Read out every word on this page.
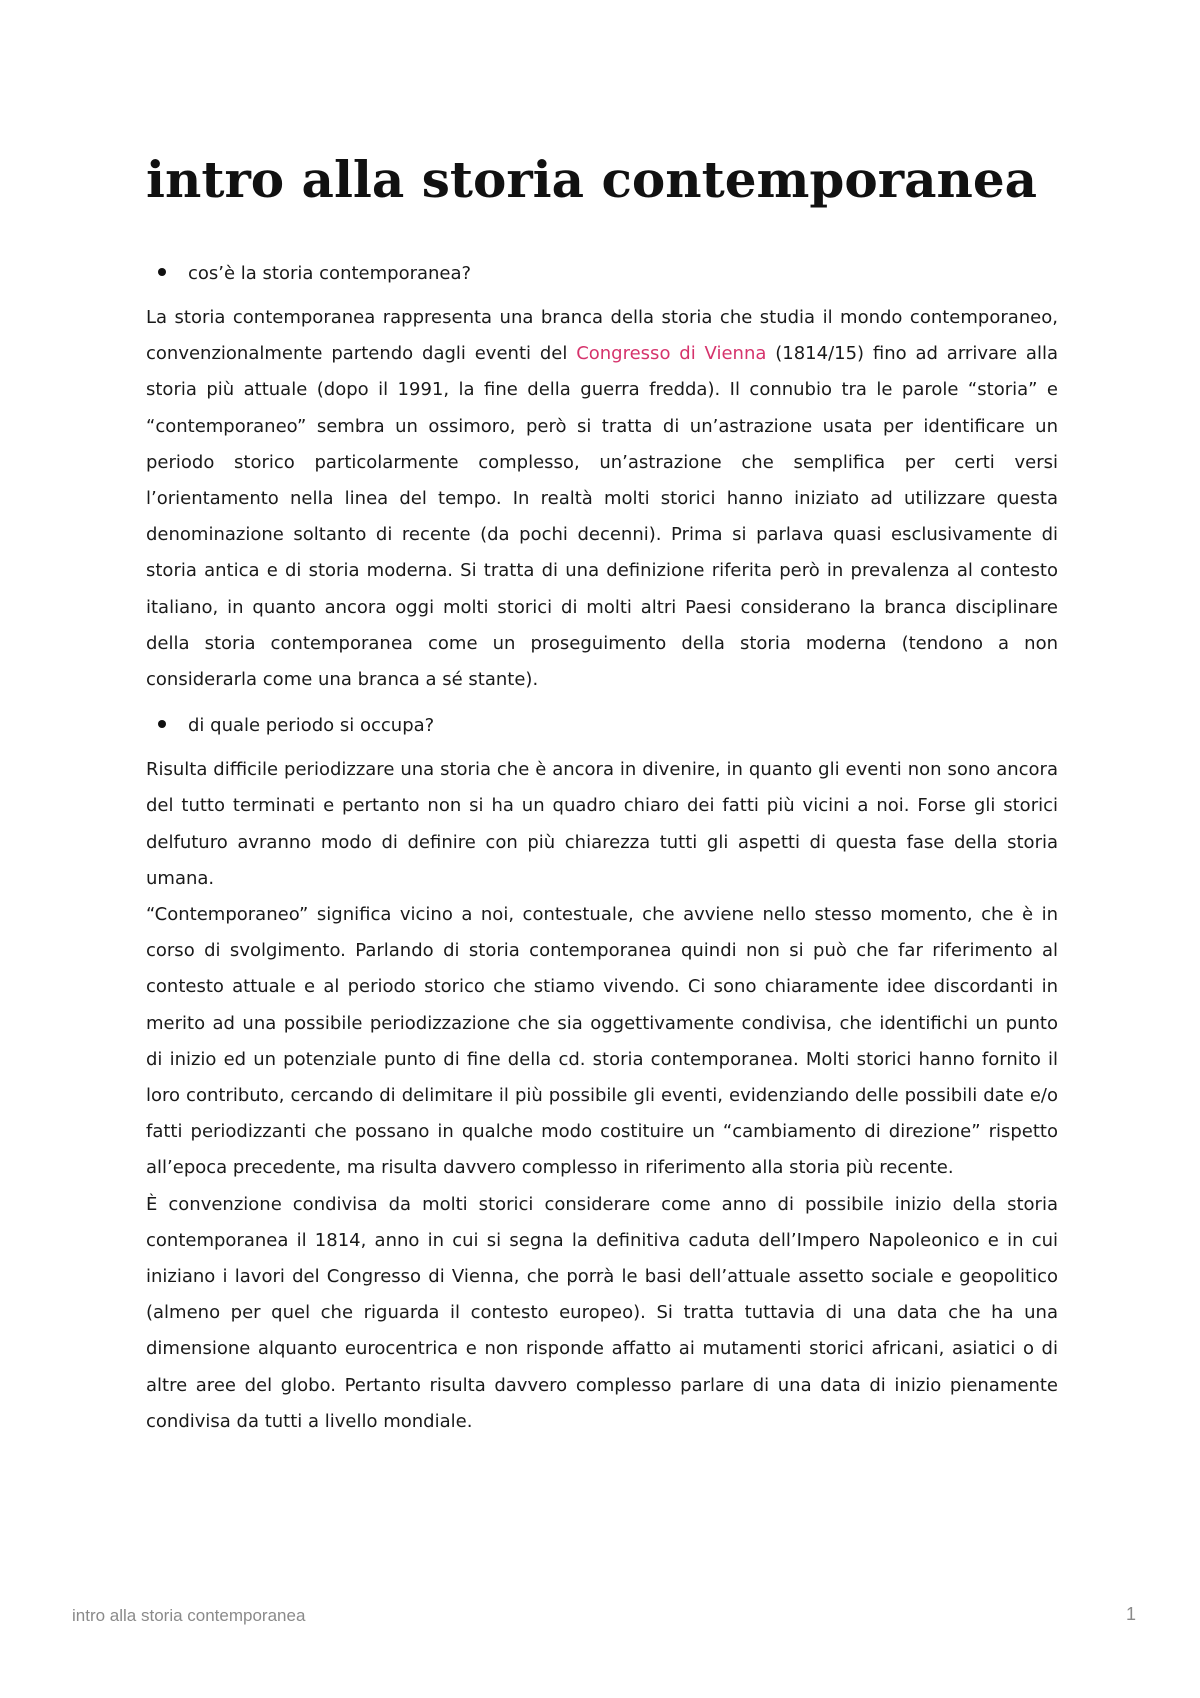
intro alla storia contemporanea
cos’è la storia contemporanea?

La storia contemporanea rappresenta una branca della storia che studia il mondo contemporaneo, convenzionalmente partendo dagli eventi del Congresso di Vienna (1814/15) fino ad arrivare alla storia più attuale (dopo il 1991, la fine della guerra fredda). Il connubio tra le parole “storia” e “contemporaneo” sembra un ossimoro, però si tratta di un’astrazione usata per identificare un periodo storico particolarmente complesso, un’astrazione che semplifica per certi versi l’orientamento nella linea del tempo. In realtà molti storici hanno iniziato ad utilizzare questa denominazione soltanto di recente (da pochi decenni). Prima si parlava quasi esclusivamente di storia antica e di storia moderna. Si tratta di una definizione riferita però in prevalenza al contesto italiano, in quanto ancora oggi molti storici di molti altri Paesi considerano la branca disciplinare della storia contemporanea come un proseguimento della storia moderna (tendono a non considerarla come una branca a sé stante).

di quale periodo si occupa?

Risulta difficile periodizzare una storia che è ancora in divenire, in quanto gli eventi non sono ancora del tutto terminati e pertanto non si ha un quadro chiaro dei fatti più vicini a noi. Forse gli storici delfuturo avranno modo di definire con più chiarezza tutti gli aspetti di questa fase della storia umana.

“Contemporaneo” significa vicino a noi, contestuale, che avviene nello stesso momento, che è in corso di svolgimento. Parlando di storia contemporanea quindi non si può che far riferimento al contesto attuale e al periodo storico che stiamo vivendo. Ci sono chiaramente idee discordanti in merito ad una possibile periodizzazione che sia oggettivamente condivisa, che identifichi un punto di inizio ed un potenziale punto di fine della cd. storia contemporanea. Molti storici hanno fornito il loro contributo, cercando di delimitare il più possibile gli eventi, evidenziando delle possibili date e/o fatti periodizzanti che possano in qualche modo costituire un “cambiamento di direzione” rispetto all’epoca precedente, ma risulta davvero complesso in riferimento alla storia più recente.

È convenzione condivisa da molti storici considerare come anno di possibile inizio della storia contemporanea il 1814, anno in cui si segna la definitiva caduta dell’Impero Napoleonico e in cui iniziano i lavori del Congresso di Vienna, che porrà le basi dell’attuale assetto sociale e geopolitico (almeno per quel che riguarda il contesto europeo). Si tratta tuttavia di una data che ha una dimensione alquanto eurocentrica e non risponde affatto ai mutamenti storici africani, asiatici o di altre aree del globo. Pertanto risulta davvero complesso parlare di una data di inizio pienamente condivisa da tutti a livello mondiale.

intro alla storia contemporanea	1
